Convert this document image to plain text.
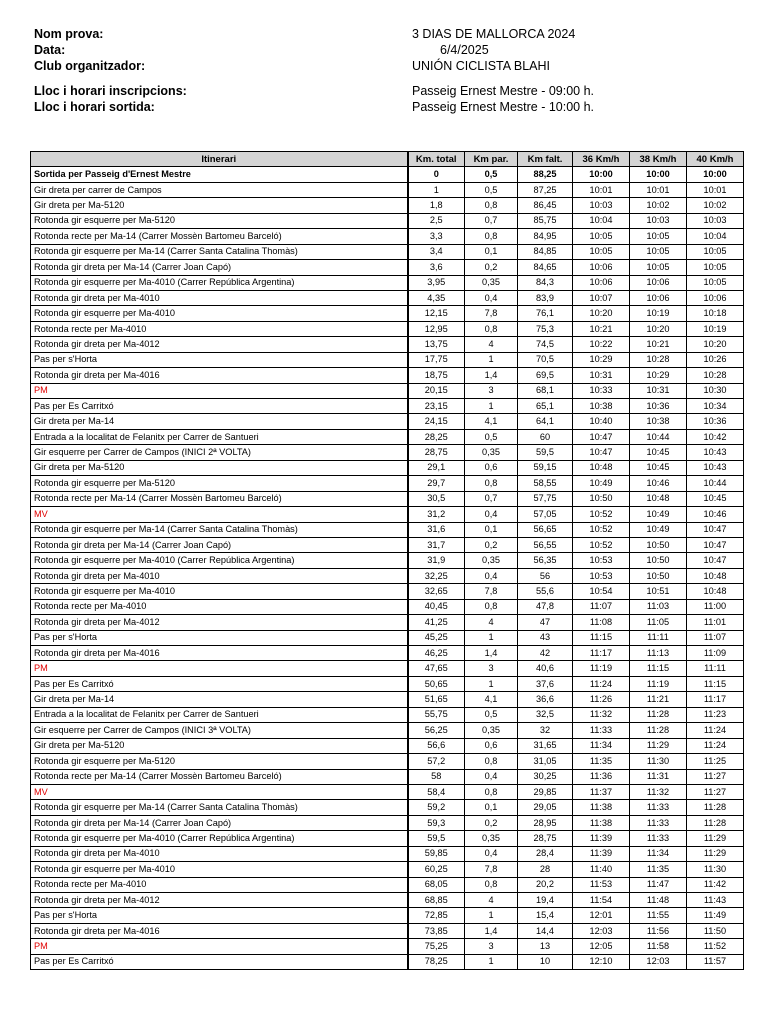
Nom prova:	3 DIAS DE MALLORCA 2024
Data:	6/4/2025
Club organitzador:	UNIÓN CICLISTA BLAHI
Lloc i horari inscripcions:	Passeig Ernest Mestre - 09:00 h.
Lloc i horari sortida:	Passeig Ernest Mestre - 10:00 h.
Itinerari	Km. total	Km par.	Km falt.	36 Km/h	38 Km/h	40 Km/h
Sortida per Passeig d'Ernest Mestre	0	0,5	88,25	10:00	10:00	10:00
Gir dreta per carrer de Campos	1	0,5	87,25	10:01	10:01	10:01
Gir dreta per Ma-5120	1,8	0,8	86,45	10:03	10:02	10:02
Rotonda gir esquerre per Ma-5120	2,5	0,7	85,75	10:04	10:03	10:03
Rotonda recte per Ma-14 (Carrer Mossèn Bartomeu Barceló)	3,3	0,8	84,95	10:05	10:05	10:04
Rotonda gir esquerre per Ma-14 (Carrer Santa Catalina Thomàs)	3,4	0,1	84,85	10:05	10:05	10:05
Rotonda gir dreta per Ma-14 (Carrer Joan Capó)	3,6	0,2	84,65	10:06	10:05	10:05
Rotonda gir esquerre per Ma-4010 (Carrer República Argentina)	3,95	0,35	84,3	10:06	10:06	10:05
Rotonda gir dreta per Ma-4010	4,35	0,4	83,9	10:07	10:06	10:06
Rotonda gir esquerre per Ma-4010	12,15	7,8	76,1	10:20	10:19	10:18
Rotonda recte per Ma-4010	12,95	0,8	75,3	10:21	10:20	10:19
Rotonda gir dreta per Ma-4012	13,75	4	74,5	10:22	10:21	10:20
Pas per s'Horta	17,75	1	70,5	10:29	10:28	10:26
Rotonda gir dreta per Ma-4016	18,75	1,4	69,5	10:31	10:29	10:28
PM	20,15	3	68,1	10:33	10:31	10:30
Pas per Es Carritxó	23,15	1	65,1	10:38	10:36	10:34
Gir dreta per Ma-14	24,15	4,1	64,1	10:40	10:38	10:36
Entrada a la localitat de Felanitx per Carrer de Santueri	28,25	0,5	60	10:47	10:44	10:42
Gir esquerre per Carrer de Campos (INICI 2ª VOLTA)	28,75	0,35	59,5	10:47	10:45	10:43
Gir dreta per Ma-5120	29,1	0,6	59,15	10:48	10:45	10:43
Rotonda gir esquerre per Ma-5120	29,7	0,8	58,55	10:49	10:46	10:44
Rotonda recte per Ma-14 (Carrer Mossèn Bartomeu Barceló)	30,5	0,7	57,75	10:50	10:48	10:45
MV	31,2	0,4	57,05	10:52	10:49	10:46
Rotonda gir esquerre per Ma-14 (Carrer Santa Catalina Thomàs)	31,6	0,1	56,65	10:52	10:49	10:47
Rotonda gir dreta per Ma-14 (Carrer Joan Capó)	31,7	0,2	56,55	10:52	10:50	10:47
Rotonda gir esquerre per Ma-4010 (Carrer República Argentina)	31,9	0,35	56,35	10:53	10:50	10:47
Rotonda gir dreta per Ma-4010	32,25	0,4	56	10:53	10:50	10:48
Rotonda gir esquerre per Ma-4010	32,65	7,8	55,6	10:54	10:51	10:48
Rotonda recte per Ma-4010	40,45	0,8	47,8	11:07	11:03	11:00
Rotonda gir dreta per Ma-4012	41,25	4	47	11:08	11:05	11:01
Pas per s'Horta	45,25	1	43	11:15	11:11	11:07
Rotonda gir dreta per Ma-4016	46,25	1,4	42	11:17	11:13	11:09
PM	47,65	3	40,6	11:19	11:15	11:11
Pas per Es Carritxó	50,65	1	37,6	11:24	11:19	11:15
Gir dreta per Ma-14	51,65	4,1	36,6	11:26	11:21	11:17
Entrada a la localitat de Felanitx per Carrer de Santueri	55,75	0,5	32,5	11:32	11:28	11:23
Gir esquerre per Carrer de Campos (INICI 3ª VOLTA)	56,25	0,35	32	11:33	11:28	11:24
Gir dreta per Ma-5120	56,6	0,6	31,65	11:34	11:29	11:24
Rotonda gir esquerre per Ma-5120	57,2	0,8	31,05	11:35	11:30	11:25
Rotonda recte per Ma-14 (Carrer Mossèn Bartomeu Barceló)	58	0,4	30,25	11:36	11:31	11:27
MV	58,4	0,8	29,85	11:37	11:32	11:27
Rotonda gir esquerre per Ma-14 (Carrer Santa Catalina Thomàs)	59,2	0,1	29,05	11:38	11:33	11:28
Rotonda gir dreta per Ma-14 (Carrer Joan Capó)	59,3	0,2	28,95	11:38	11:33	11:28
Rotonda gir esquerre per Ma-4010 (Carrer República Argentina)	59,5	0,35	28,75	11:39	11:33	11:29
Rotonda gir dreta per Ma-4010	59,85	0,4	28,4	11:39	11:34	11:29
Rotonda gir esquerre per Ma-4010	60,25	7,8	28	11:40	11:35	11:30
Rotonda recte per Ma-4010	68,05	0,8	20,2	11:53	11:47	11:42
Rotonda gir dreta per Ma-4012	68,85	4	19,4	11:54	11:48	11:43
Pas per s'Horta	72,85	1	15,4	12:01	11:55	11:49
Rotonda gir dreta per Ma-4016	73,85	1,4	14,4	12:03	11:56	11:50
PM	75,25	3	13	12:05	11:58	11:52
Pas per Es Carritxó	78,25	1	10	12:10	12:03	11:57
